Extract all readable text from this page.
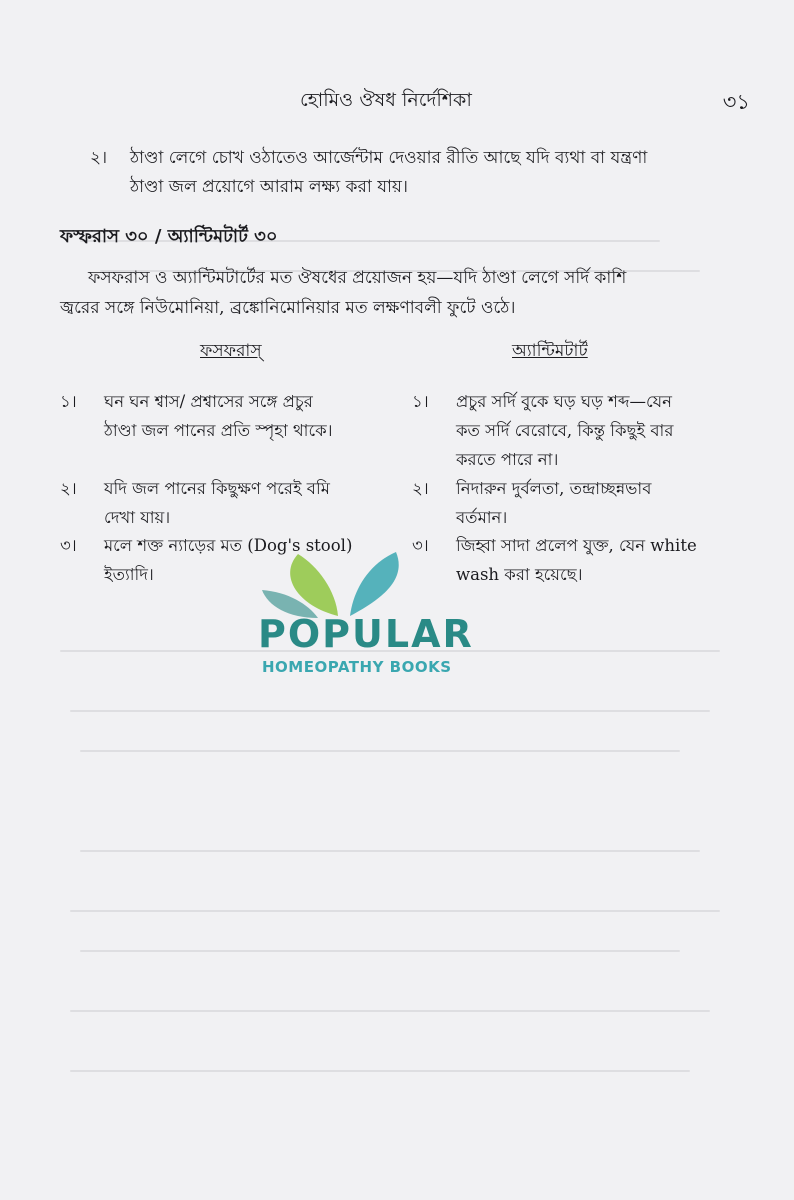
হোমিও ঔষধ নির্দেশিকা	৩১
২। ঠাণ্ডা লেগে চোখ ওঠাতেও আর্জেন্টাম দেওয়ার রীতি আছে যদি ব্যথা বা যন্ত্রণা
ঠাণ্ডা জল প্রয়োগে আরাম লক্ষ্য করা যায়।
ফস্ফরাস ৩০ / অ্যান্টিমটার্ট ৩০
ফসফরাস ও অ্যান্টিমটার্টের মত ঔষধের প্রয়োজন হয়—যদি ঠাণ্ডা লেগে সর্দি কাশি
জ্বরের সঙ্গে নিউমোনিয়া, ব্রঙ্কোনিমোনিয়ার মত লক্ষণাবলী ফুটে ওঠে।
ফসফরাস্	অ্যান্টিমটার্ট
১। ঘন ঘন শ্বাস/ প্রশ্বাসের সঙ্গে প্রচুর
ঠাণ্ডা জল পানের প্রতি স্পৃহা থাকে।
২। যদি জল পানের কিছুক্ষণ পরেই বমি
দেখা যায়।
৩। মলে শক্ত ন্যাড়ের মত (Dog's stool)
ইত্যাদি।
১। প্রচুর সর্দি বুকে ঘড় ঘড় শব্দ—যেন
কত সর্দি বেরোবে, কিন্তু কিছুই বার
করতে পারে না।
২। নিদারুন দুর্বলতা, তন্দ্রাচ্ছন্নভাব
বর্তমান।
৩। জিহ্বা সাদা প্রলেপ যুক্ত, যেন white
wash করা হয়েছে।
POPULAR
HOMEOPATHY BOOKS
